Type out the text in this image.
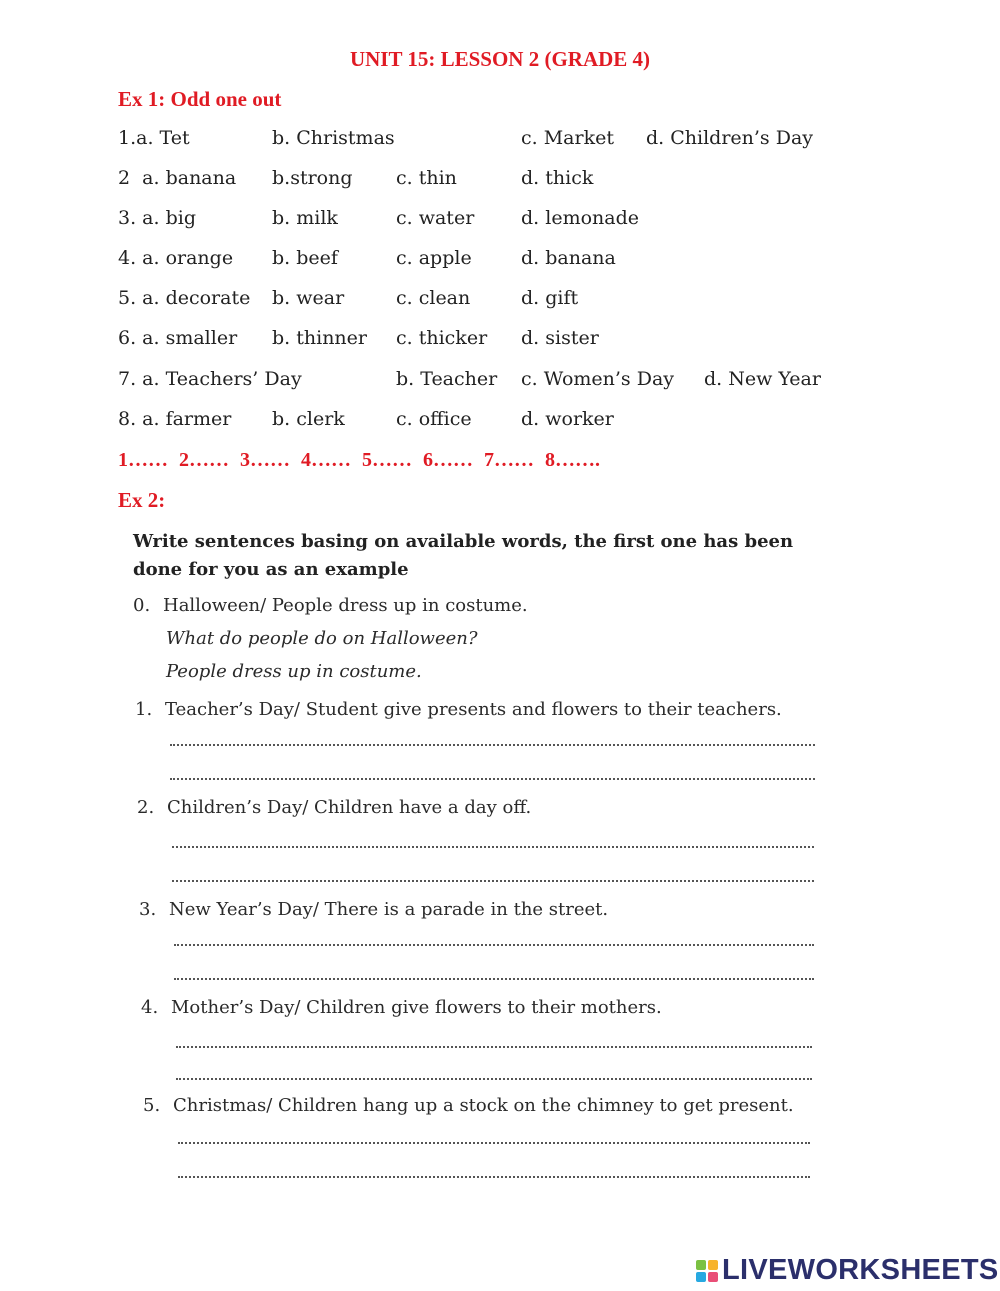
UNIT 15: LESSON 2 (GRADE 4)
Ex 1: Odd one out
1.a. Tet	b. Christmas	c. Market d. Children’s Day
2  a. banana b.strong c. thin	d. thick
3. a. big	b. milk	c. water d. lemonade
4. a. orange b. beef	c. apple	d. banana
5. a. decorate b. wear	c. clean	d. gift
6. a. smaller b. thinner c. thicker d. sister
7. a. Teachers’ Day	b. Teacher c. Women’s Day d. New Year
8. a. farmer b. clerk	c. office	d. worker
1…… 2…… 3…… 4…… 5…… 6…… 7…… 8…….
Ex 2:
Write sentences basing on available words, the first one has been done for you as an example
0. Halloween/ People dress up in costume.
What do people do on Halloween?
People dress up in costume.
1. Teacher’s Day/ Student give presents and flowers to their teachers.
2. Children’s Day/ Children have a day off.
3. New Year’s Day/ There is a parade in the street.
4. Mother’s Day/ Children give flowers to their mothers.
5. Christmas/ Children hang up a stock on the chimney to get present.
LIVEWORKSHEETS
